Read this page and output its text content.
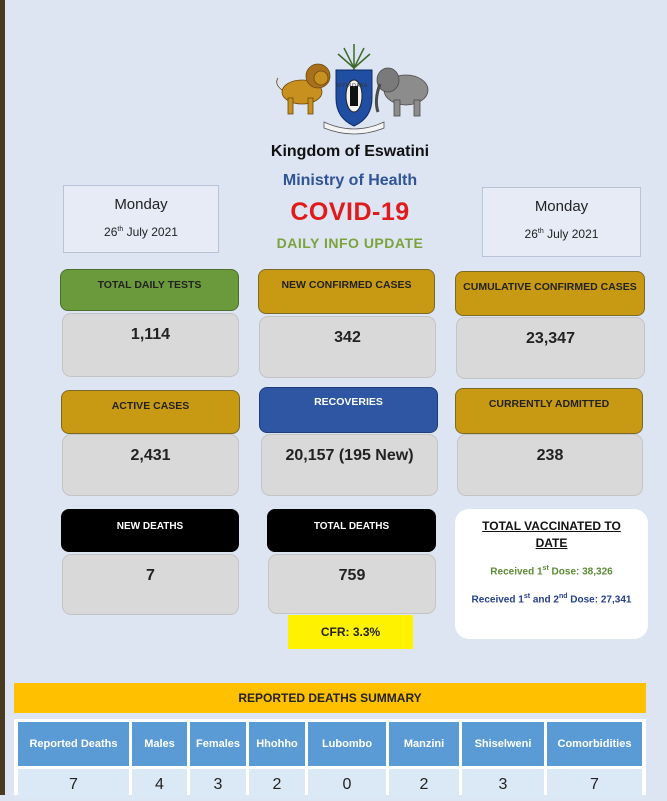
SIYINQABA
Kingdom of Eswatini
Ministry of Health
COVID-19
DAILY INFO UPDATE
Monday
26th July 2021
Monday
26th July 2021
TOTAL DAILY TESTS
1,114
NEW CONFIRMED CASES
342
CUMULATIVE CONFIRMED CASES
23,347
ACTIVE CASES
2,431
RECOVERIES
20,157 (195 New)
CURRENTLY ADMITTED
238
NEW DEATHS
7
TOTAL DEATHS
759
CFR: 3.3%
TOTAL VACCINATED TO DATE
Received 1st Dose: 38,326
Received 1st and 2nd Dose: 27,341
REPORTED DEATHS SUMMARY
Reported Deaths	Males	Females	Hhohho	Lubombo	Manzini	Shiselweni	Comorbidities
7	4	3	2	0	2	3	7
